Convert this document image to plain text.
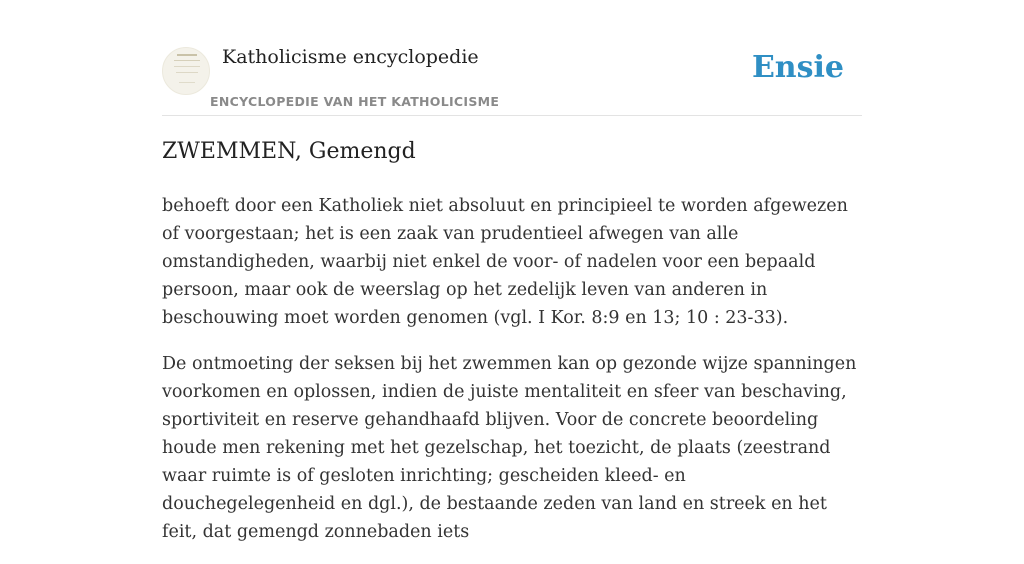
Katholicisme encyclopedie
ENCYCLOPEDIE VAN HET KATHOLICISME
Ensie
ZWEMMEN, Gemengd

behoeft door een Katholiek niet absoluut en principieel te worden afgewezen of voorgestaan; het is een zaak van prudentieel afwegen van alle omstandigheden, waarbij niet enkel de voor- of nadelen voor een bepaald persoon, maar ook de weerslag op het zedelijk leven van anderen in beschouwing moet worden genomen (vgl. I Kor. 8:9 en 13; 10 : 23-33).

De ontmoeting der seksen bij het zwemmen kan op gezonde wijze spanningen voorkomen en oplossen, indien de juiste mentaliteit en sfeer van beschaving, sportiviteit en reserve gehandhaafd blijven. Voor de concrete beoordeling houde men rekening met het gezelschap, het toezicht, de plaats (zeestrand waar ruimte is of gesloten inrichting; gescheiden kleed- en douchegelegenheid en dgl.), de bestaande zeden van land en streek en het feit, dat gemengd zonnebaden iets
